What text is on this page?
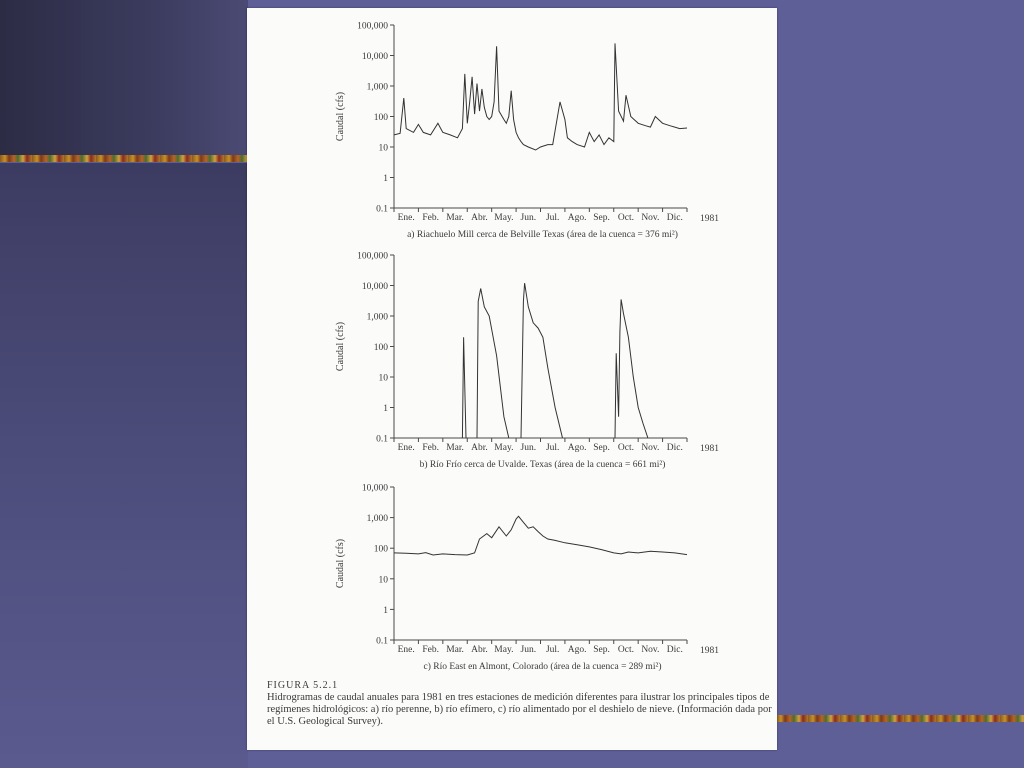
100,000
10,000
1,000
100
10
1
0.1
Caudal (cfs)
Ene. Feb. Mar. Abr. May. Jun. Jul. Ago. Sep. Oct. Nov. Dic. 1981
a) Riachuelo Mill cerca de Belville Texas (área de la cuenca = 376 mi²)
100,000
10,000
1,000
100
10
1
0.1
Caudal (cfs)
Ene. Feb. Mar. Abr. May. Jun. Jul. Ago. Sep. Oct. Nov. Dic. 1981
b) Río Frío cerca de Uvalde. Texas (área de la cuenca = 661 mi²)
10,000
1,000
100
10
1
0.1
Caudal (cfs)
Ene. Feb. Mar. Abr. May. Jun. Jul. Ago. Sep. Oct. Nov. Dic. 1981
c) Río East en Almont, Colorado (área de la cuenca = 289 mi²)
FIGURA 5.2.1
Hidrogramas de caudal anuales para 1981 en tres estaciones de medición diferentes para ilustrar los principales tipos de regímenes hidrológicos: a) río perenne, b) río efímero, c) río alimentado por el deshielo de nieve. (Información dada por el U.S. Geological Survey).
